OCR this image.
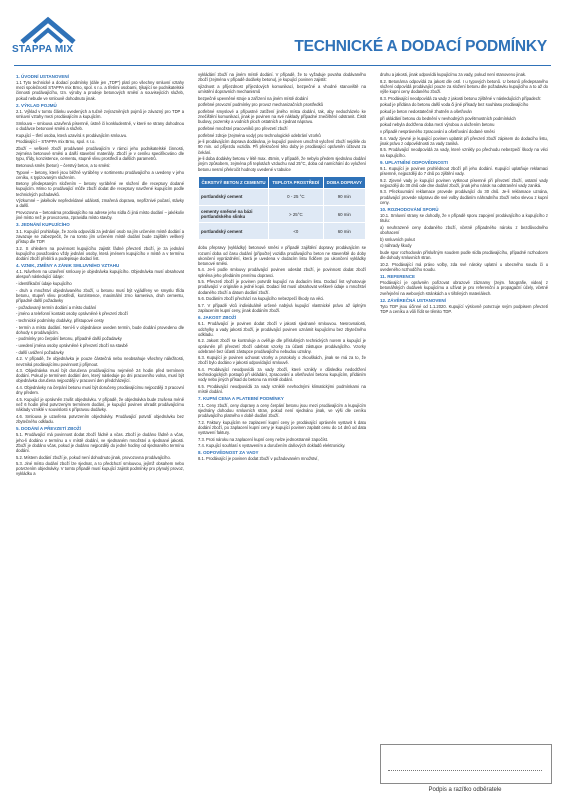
STAPPA MIX	TECHNICKÉ A DODACÍ PODMÍNKY
1. ÚVODNÍ USTANOVENÍ
1.1 Tyto technické a dodací podmínky (dále jen „TDP“) platí pro všechny smluvní vztahy mezi společností STAPPA mix Brno, spol. s r.o. a třetími osobami, týkající se podnikatelské činnosti prodávajícího, tzn. výroby a prodeje betonových směsí a souvisejících služeb, pokud nebude ve smlouvě dohodnuto jinak.
2. VÝKLAD POJMŮ
2.1. Výklad v tomto článku uvedených a tučně zvýrazněných pojmů je závazný pro TDP a smluvní vztahy mezi prodávajícím a kupujícím.
Smlouva – smlouva uzavřená písemně, ústně či konkludentně, v které se strany dohodnou o dodávce betonové směsi a služeb.
Kupující – třetí osoba, která uzavírá s prodávajícím smlouvu.
Prodávající – STAPPA mix Brno, spol. s r.o.
Zboží – veškeré zboží prodávané prodávajícím v rámci jeho podnikatelské činnosti, zejména betonové směsi a další stavební materiály. Zboží je v ceníku specifikováno dle typu, třídy, konzistence, cementu, stupně vlivu prostředí a dalších parametrů.
Betonová směs (beton) – čerstvý beton, a to směsi:
Typové – betony, které jsou běžně vyráběny v sortimentu prodávajícího a uvedeny v jeho ceníku, s typizovaným složením.
Betony předepsaným složením – betony vyráběné ve složení dle receptury dodané kupujícím. Mimo to prodávající může zboží dodat dle receptury navržené kupujícím podle technických požadavků.
Výzkumné – jakékoliv nepředvídané události, zmařená doprava, nepříznivé počasí, stávky a další.
Provozovna – betonárna prodávajícího na adrese jeho sídla či jiná místo dodání – jakékoliv jiné místo než je provozovna, zpravidla místo stavby.
3. JEDNÁNÍ KUPUJÍCÍHO
3.1. Kupující prohlašuje, že zcela odpovídá za jednání osob na jím určeném místě dodání a zavazuje se zabezpečit, že na tomto jím určeném místě dodání bude zajištěn veškerý přístup dle TDP.
3.2. S ohledem na povinnost kupujícího zajistit řádné převzetí zboží, je za jednání kupujícího považováno vždy jednání osoby, která jménem kupujícího v místě a v termínu dodání zboží přebírá a podepisuje dodací list.
4. VZNIK, ZMĚNY A ZÁNIK SMLUVNÍHO VZTAHU
4.1. Návrhem na uzavření smlouvy je objednávka kupujícího. Objednávka musí obsahovat alespoň následující údaje:
- identifikační údaje kupujícího
- druh a množství objednávaného zboží, u betonu musí být vyjádřeny ve smyslu třída betonu, stupeň vlivu prostředí, konzistence, maximální zrno kameniva, druh cementu, případně další požadavky
- požadovaný termín dodání a místo dodání
- jméno a telefonní kontakt osoby oprávněné k převzetí zboží
- technické podmínky dodávky, přístupové cesty
- termín a místo dodání. Není-li v objednávce uveden termín, bude dodání provedeno dle dohody s prodávajícím.
- podmínky pro čerpání betonu, případně další požadavky
- uvedení jména osoby oprávněné k převzetí zboží na stavbě
- další uvážení požadavky
4.2. V případě, že objednávka je pouze částečná nebo neobsahuje všechny náležitosti, nevzniká prodávajícímu povinnost ji přijmout.
4.3. Objednávka musí být doručena prodávajícímu nejméně 24 hodin před termínem dodání. Pokud je termínem dodání den, který následuje po dni pracovního volna, musí být objednávka doručena nejpozději v pracovní den předcházející.
4.4. Objednávky na čerpání betonu musí být doručeny prodávajícímu nejpozději 3 pracovní dny předem.
4.5. Kupující je oprávněn zrušit objednávku. V případě, že objednávka bude zrušena méně než 6 hodin před potvrzeným termínem dodání, je kupující povinen uhradit prodávajícímu náklady vzniklé v souvislosti s přípravou dodávky.
4.6. Smlouva je uzavřena potvrzením objednávky. Prodávající potvrdí objednávku bez zbytečného odkladu.
5. DODÁNÍ A PŘEVZETÍ ZBOŽÍ
5.1. Prodávající má povinnost dodat zboží řádně a včas. Zboží je dodáno řádně a včas, jeho-li dodáno v termínu a v místě dodání, ve sjednaném množství a sjednané jakosti. Zboží je dodáno včas, pokud je dodáno nejpozději do jedné hodiny od sjednaného termínu dodání.
5.2. Místem dodání zboží je, pokud není dohodnuto jinak, provozovna prodávajícího.
5.3. Jiné místo dodání zboží lze sjednat, a to předchozí smlouvou, jejímž obsahem nebo potvrzením objednávky. V tomto případě musí kupující zajistit podmínky pro plynulý provoz, vykládku a
vykládání zboží na jiném místě dodání. V případě, že to vyžaduje povaha dodávaného zboží (zejména v případě dodávky betonu), je kupující povinen zajistit:
sjízdnost a příjezdnost příjezdových komunikací, bezpečné a vhodné stanoviště na umístění dopravních mechanismů
bezpečně upevněné stroje a zařízení na jiném místě dodání
potřebné provozní podmínky pro provoz mechanizačních prostředků
potřebné smyslové a přípustné zatížení jiného místa dodání, tak, aby nedocházelo ke znečištění komunikací, jinak je povinen na své náklady případné znečištění odstranit. Čistit budovy, pozemky a vodních ploch ostatních a zjednat nápravu.
potřebné množství pracovníků pro převzetí zboží
potřebné zdroje (zejména vody) pro technologické odebrání vzorků
je-li prodávajícím doprava dodávána, je kupující povinen umožnit vyložení zboží nejdéle do 90 min. od příjezdu vozidla. Při překročení této doby je prodávající oprávněn účtovat za čekání.
je-li doba dodávky betonu v létě max. 45min, v případě, že nebylo předem sjednáno dodání jiným způsobem, zejména při teplotách vzduchu nad 25°C, doba od namíchání do vyložení betonu nesmí překročit hodnoty uvedené v tabulce
ČERSTVÝ BETON Z CEMENTU	TEPLOTA PROSTŘEDÍ	DOBA DOPRAVY
portlandský cement	0 - 25 °C	90 min
cementy směsné na bázi portlandského slinku	> 25°C	60 min
portlandský cement	<0	60 min
dobu přepravy (vykládky) betonové směsi v případě zajištění dopravy prodávajícím se rozumí doba od času dodání (připočte) vozidla prodávajícího beton ne stavenště do doby ukončení vyprázdnění, která je uvedena v dodacím listu řidičem po ukončení vykládky betonové směsi.
5.4. Je-li podle smlouvy prodávající povinen odeslat zboží, je povinnost dodat zboží splněna jeho předáním prvnímu dopravci.
5.5. Převzetí zboží je povinen potvrdit kupující na dodacím listu. Dodací list vyhotovuje prodávající v originále a jedné kopii. Dodací list musí obsahovat veškeré údaje o množství dodaného zboží a datum dodání zboží.
5.6. Dodáním zboží přechází na kupujícího nebezpečí škody na věci.
5.7. V případě vlců individuálně určené nabývá kupující vlastnické právo až úplným zaplacením kupní ceny, jinak dodáním zboží.
6. JAKOST ZBOŽÍ
6.1. Prodávající je povinen dodat zboží v jakosti sjednané smlouvou. Nesrovnalosti, odchylky a vady jakosti zboží, je prodávající povinen oznámit kupujícímu bez zbytečného odkladu.
6.2. Jakost zboží se kontroluje a ověřuje dle příslušných technických norem a kupující je oprávněn při převzetí zboží odebrat vzorky za účasti zástupce prodávajícího. Vzorky odebrané bez účasti zástupce prodávajícího nebudou uznány.
6.3. Kupující je povinen uchovat vzorky a protokoly o zkouškách, jinak se má za to, že zboží bylo dodáno v jakosti odpovídající smlouvě.
6.4. Prodávající neodpovídá za vady zboží, které vznikly v důsledku nedodržení technologických postupů při ukládání, zpracování a ošetřování betonu kupujícím, přidáním vody nebo jiných přísad do betonu na místě dodání.
6.5. Prodávající neodpovídá za vady vzniklé nevhodnými klimatickými podmínkami na místě dodání.
7. KUPNÍ CENA A PLATEBNÍ PODMÍNKY
7.1. Ceny zboží, ceny dopravy a ceny čerpání betonu jsou mezi prodávajícím a kupujícím sjednány dohodou smluvních stran, pokud není sjednáno jinak, ve výši dle ceníku prodávajícího platného v době dodání zboží.
7.2. Faktury kupujícím se zaplacení kupní ceny je prodávající oprávněn vystavit k datu dodání zboží, po zaplacení kupní ceny je kupující povinen zaplatit cenu do 14 dnů od data vystavení faktury.
7.3. Proti nároku na zaplacení kupní ceny nelze jednostranně započíst.
7.4. Kupující souhlasí s vystavením a doručením daňových dokladů elektronicky.
8. ODPOVĚDNOST ZA VADY
8.1. Prodávající je povinen dodat zboží v požadovaném množství,
druhu a jakosti, jinak odpovídá kupujícímu za vady, pokud není stanoveno jinak.
8.2. Betonárna odpovídá za jakost dle ostl. I u typových betonů. U betonů předepsaného složení odpovídá prodávající pouze za složení betonu dle požadavku kupujícího a to až do výše kupní ceny dodaného zboží.
8.3. Prodávající neodpovídá za vady z jakosti betonu zjištěné v následujících případech:
pokud je přidána do betonu další voda či jiné přísady bez souhlasu prodávajícího
pokud je beton nedostatečně zhutněn a ošetřován
při ukládání betonu do bednění v nevhodných povětrnostních podmínkách
pokud nebyla dodržena doba mezi výrobou a uložením betonu
v případě nesprávného zpracování a ošetřování dodané směsi
8.4. Vady zjevné je kupující povinen uplatnit při převzetí zboží zápisem do dodacího listu, jinak právo z odpovědnosti za vady zaniká.
8.5. Prodávající neodpovídá za vady, které vznikly po přechodu nebezpečí škody na věci na kupujícího.
9. UPLATNĚNÍ ODPOVĚDNOSTI
9.1. Kupující je povinen prohlédnout zboží při jeho dodání. Kupující uplatňuje reklamaci písemně, nejpozději do 7 dnů po zjištění vady.
9.2. Zjevné vady je kupující povinen vytknout písemně při převzetí zboží, ostatní vady nejpozději do 30 dnů ode dne dodání zboží, jinak jeho nárok na odstranění vady zaniká.
9.3. Přezkoumání reklamace provede prodávající do 30 dnů. Je-li reklamace uznána, prodávající provede nápravu dle své volby dodáním náhradního zboží nebo slevou z kupní ceny.
10. ROZHODOVÁNÍ SPORŮ
10.1. Smluvní strany se dohodly, že v případě sporu zapojení prodávajícího a kupujícího z titulu:
a) neuhrazené ceny dodaného zboží, včetně případného nároku z bezdůvodného obohacení
b) smluvních pokut
c) náhrady škody
bude spor rozhodován příslušným soudem podle sídla prodávajícího, případně rozhodcem dle dohody smluvních stran.
10.2. Prodávající má právo volby, zda své nároky uplatní u obecného soudu či u uvedeného rozhodčího soudu.
11. REFERENCE
Prodávající je oprávněn pořizovat obrazové záznamy (zejm. fotografie, videa) z betonářských dodávek kupujícímu a užívat je pro referenční a propagační účely, včetně zveřejnění na webových stránkách a v tištěných materiálech.
12. ZÁVĚREČNÁ USTANOVENÍ
Tyto TDP jsou účinné od 1.1.2020. Kupující výslovně potvrzuje svým podpisem převzetí TDP a ceníku a vůli řídit se těmito TDP.
Podpis a razítko odběratele
